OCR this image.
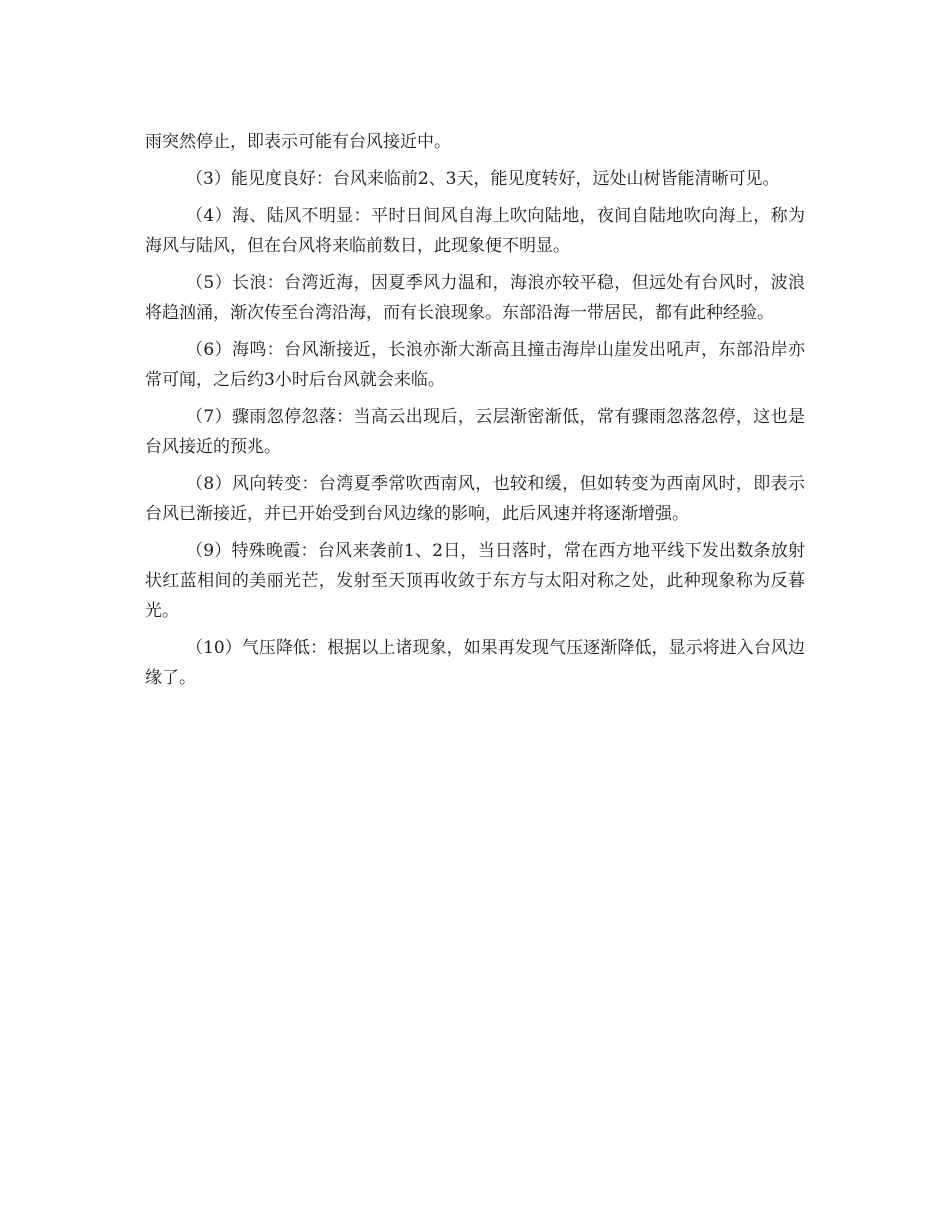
雨突然停止，即表示可能有台风接近中。

（3）能见度良好：台风来临前2、3天，能见度转好，远处山树皆能清晰可见。

（4）海、陆风不明显：平时日间风自海上吹向陆地，夜间自陆地吹向海上，称为海风与陆风，但在台风将来临前数日，此现象便不明显。

（5）长浪：台湾近海，因夏季风力温和，海浪亦较平稳，但远处有台风时，波浪将趋汹涌，渐次传至台湾沿海，而有长浪现象。东部沿海一带居民，都有此种经验。

（6）海鸣：台风渐接近，长浪亦渐大渐高且撞击海岸山崖发出吼声，东部沿岸亦常可闻，之后约3小时后台风就会来临。

（7）骤雨忽停忽落：当高云出现后，云层渐密渐低，常有骤雨忽落忽停，这也是台风接近的预兆。

（8）风向转变：台湾夏季常吹西南风，也较和缓，但如转变为西南风时，即表示台风已渐接近，并已开始受到台风边缘的影响，此后风速并将逐渐增强。

（9）特殊晚霞：台风来袭前1、2日，当日落时，常在西方地平线下发出数条放射状红蓝相间的美丽光芒，发射至天顶再收敛于东方与太阳对称之处，此种现象称为反暮光。

（10）气压降低：根据以上诸现象，如果再发现气压逐渐降低，显示将进入台风边缘了。
